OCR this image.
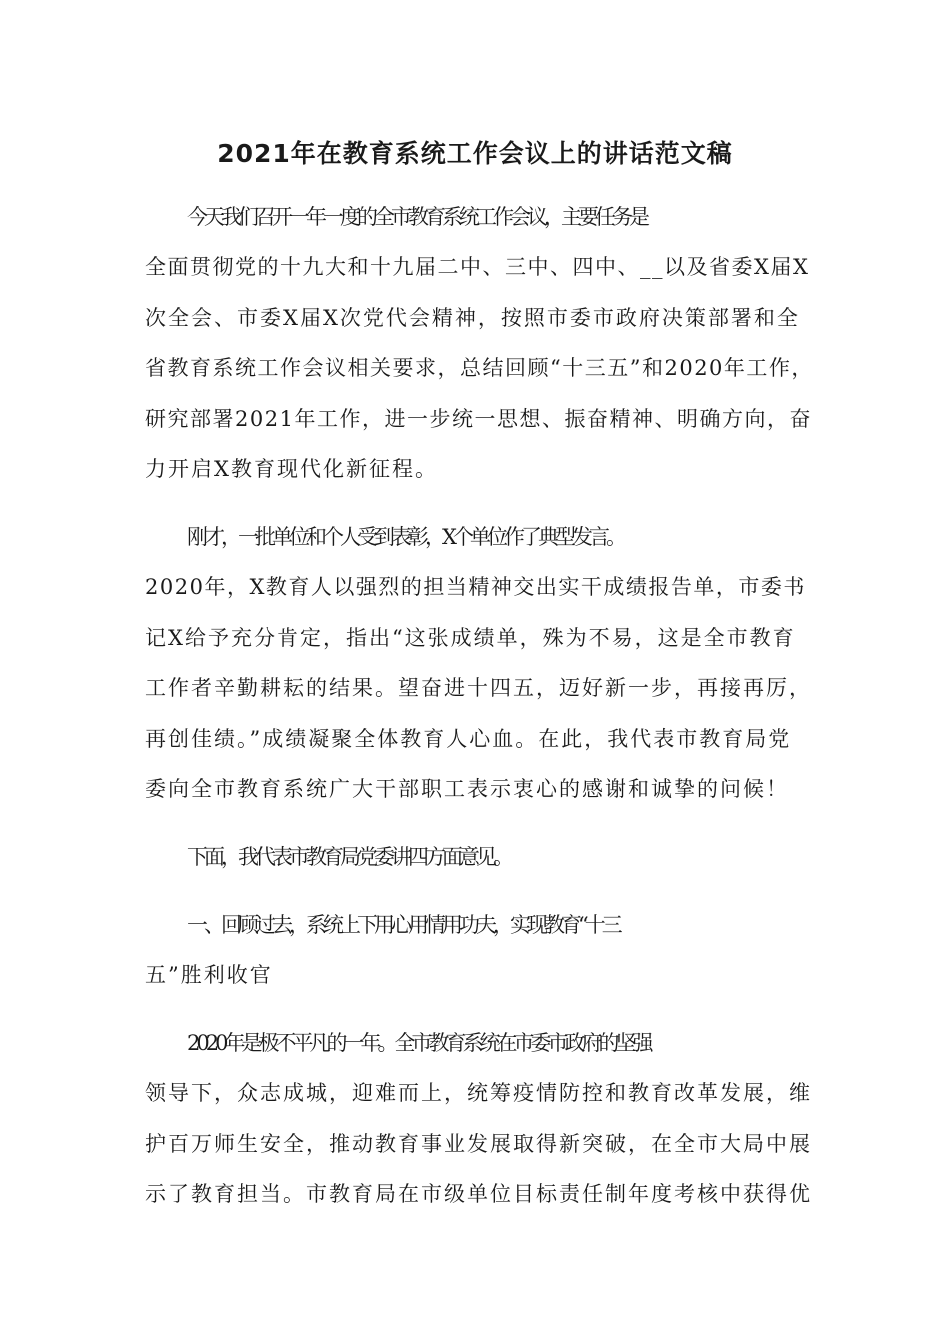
2021年在教育系统工作会议上的讲话范文稿
今天我们召开一年一度的全市教育系统工作会议，主要任务是
全面贯彻党的十九大和十九届二中、三中、四中、__以及省委X届X
次全会、市委X届X次党代会精神，按照市委市政府决策部署和全
省教育系统工作会议相关要求，总结回顾“十三五”和2020年工作，
研究部署2021年工作，进一步统一思想、振奋精神、明确方向，奋
力开启X教育现代化新征程。
刚才，一批单位和个人受到表彰，X个单位作了典型发言。
2020年，X教育人以强烈的担当精神交出实干成绩报告单，市委书
记X给予充分肯定，指出“这张成绩单，殊为不易，这是全市教育
工作者辛勤耕耘的结果。望奋进十四五，迈好新一步，再接再厉，
再创佳绩。”成绩凝聚全体教育人心血。在此，我代表市教育局党
委向全市教育系统广大干部职工表示衷心的感谢和诚挚的问候！
下面，我代表市教育局党委讲四方面意见。
一、回顾过去，系统上下用心用情用功夫，实现教育“十三
五”胜利收官
2020年是极不平凡的一年。全市教育系统在市委市政府的坚强
领导下，众志成城，迎难而上，统筹疫情防控和教育改革发展，维
护百万师生安全，推动教育事业发展取得新突破，在全市大局中展
示了教育担当。市教育局在市级单位目标责任制年度考核中获得优
